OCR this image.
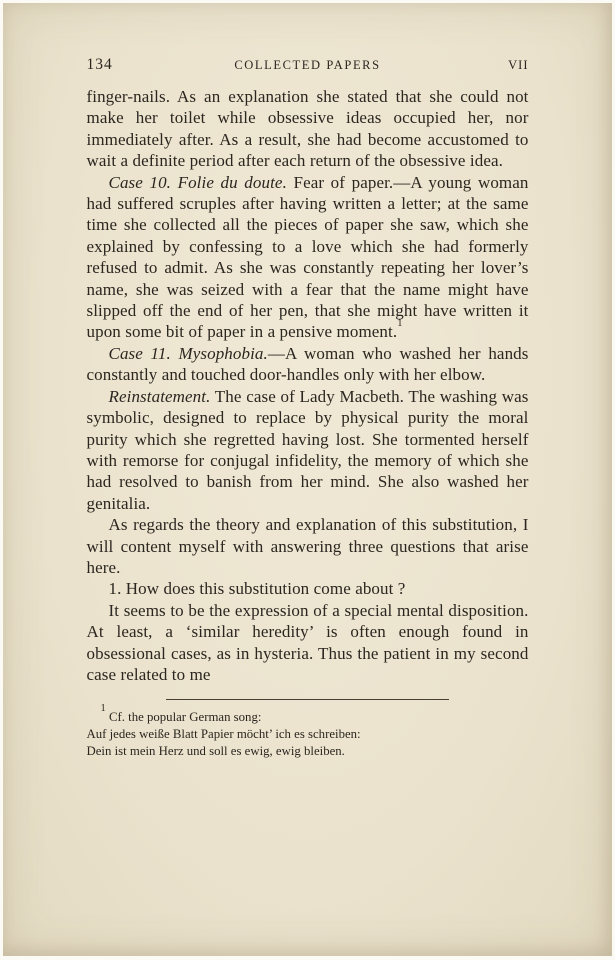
134	COLLECTED PAPERS	VII

finger-nails. As an explanation she stated that she could not make her toilet while obsessive ideas occupied her, nor immediately after. As a result, she had become accustomed to wait a definite period after each return of the obsessive idea.

Case 10. Folie du doute. Fear of paper.—A young woman had suffered scruples after having written a letter; at the same time she collected all the pieces of paper she saw, which she explained by confessing to a love which she had formerly refused to admit. As she was constantly repeating her lover’s name, she was seized with a fear that the name might have slipped off the end of her pen, that she might have written it upon some bit of paper in a pensive moment.$^1$

Case 11. Mysophobia.—A woman who washed her hands constantly and touched door-handles only with her elbow.

Reinstatement. The case of Lady Macbeth. The washing was symbolic, designed to replace by physical purity the moral purity which she regretted having lost. She tormented herself with remorse for conjugal infidelity, the memory of which she had resolved to banish from her mind. She also washed her genitalia.

As regards the theory and explanation of this substitution, I will content myself with answering three questions that arise here.

1. How does this substitution come about ?

It seems to be the expression of a special mental disposition. At least, a ‘similar heredity’ is often enough found in obsessional cases, as in hysteria. Thus the patient in my second case related to me

$^1$ Cf. the popular German song:

Auf jedes weiße Blatt Papier möcht’ ich es schreiben:

Dein ist mein Herz und soll es ewig, ewig bleiben.
